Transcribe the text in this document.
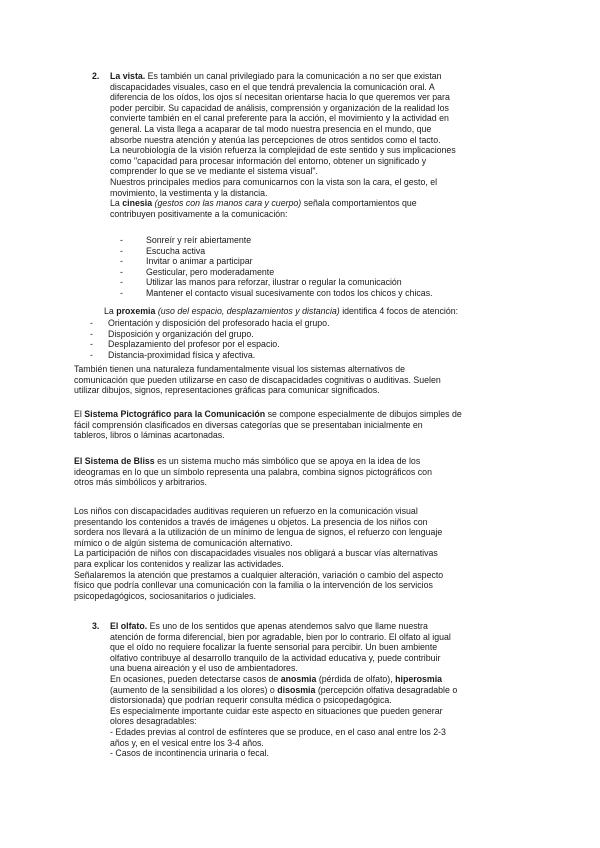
2. La vista. Es también un canal privilegiado para la comunicación a no ser que existan

discapacidades visuales, caso en el que tendrá prevalencia la comunicación oral. A

diferencia de los oídos, los ojos sí necesitan orientarse hacia lo que queremos ver para

poder percibir. Su capacidad de análisis, comprensión y organización de la realidad los

convierte también en el canal preferente para la acción, el movimiento y la actividad en

general. La vista llega a acaparar de tal modo nuestra presencia en el mundo, que

absorbe nuestra atención y atenúa las percepciones de otros sentidos como el tacto.

La neurobiología de la visión refuerza la complejidad de este sentido y sus implicaciones

como "capacidad para procesar información del entorno, obtener un significado y

comprender lo que se ve mediante el sistema visual".

Nuestros principales medios para comunicarnos con la vista son la cara, el gesto, el

movimiento, la vestimenta y la distancia.

La cinesia (gestos con las manos cara y cuerpo) señala comportamientos que

contribuyen positivamente a la comunicación:

- Sonreír y reír abiertamente

- Escucha activa

- Invitar o animar a participar

- Gesticular, pero moderadamente

- Utilizar las manos para reforzar, ilustrar o regular la comunicación

- Mantener el contacto visual sucesivamente con todos los chicos y chicas.

La proxemia (uso del espacio, desplazamientos y distancia) identifica 4 focos de atención:

- Orientación y disposición del profesorado hacia el grupo.

- Disposición y organización del grupo.

- Desplazamiento del profesor por el espacio.

- Distancia-proximidad física y afectiva.

También tienen una naturaleza fundamentalmente visual los sistemas alternativos de

comunicación que pueden utilizarse en caso de discapacidades cognitivas o auditivas. Suelen

utilizar dibujos, signos, representaciones gráficas para comunicar significados.

El Sistema Pictográfico para la Comunicación se compone especialmente de dibujos simples de

fácil comprensión clasificados en diversas categorías que se presentaban inicialmente en

tableros, libros o láminas acartonadas.

El Sistema de Bliss es un sistema mucho más simbólico que se apoya en la idea de los

ideogramas en lo que un símbolo representa una palabra, combina signos pictográficos con

otros más simbólicos y arbitrarios.

Los niños con discapacidades auditivas requieren un refuerzo en la comunicación visual

presentando los contenidos a través de imágenes u objetos. La presencia de los niños con

sordera nos llevará a la utilización de un mínimo de lengua de signos, el refuerzo con lenguaje

mímico o de algún sistema de comunicación alternativo.

La participación de niños con discapacidades visuales nos obligará a buscar vías alternativas

para explicar los contenidos y realizar las actividades.

Señalaremos la atención que prestamos a cualquier alteración, variación o cambio del aspecto

físico que podría conllevar una comunicación con la familia o la intervención de los servicios

psicopedagógicos, sociosanitarios o judiciales.

3. El olfato. Es uno de los sentidos que apenas atendemos salvo que llame nuestra

atención de forma diferencial, bien por agradable, bien por lo contrario. El olfato al igual

que el oído no requiere focalizar la fuente sensorial para percibir. Un buen ambiente

olfativo contribuye al desarrollo tranquilo de la actividad educativa y, puede contribuir

una buena aireación y el uso de ambientadores.

En ocasiones, pueden detectarse casos de anosmia (pérdida de olfato), hiperosmia

(aumento de la sensibilidad a los olores) o disosmia (percepción olfativa desagradable o

distorsionada) que podrían requerir consulta médica o psicopedagógica.

Es especialmente importante cuidar este aspecto en situaciones que pueden generar

olores desagradables:

- Edades previas al control de esfínteres que se produce, en el caso anal entre los 2-3

años y, en el vesical entre los 3-4 años.

- Casos de incontinencia urinaria o fecal.
